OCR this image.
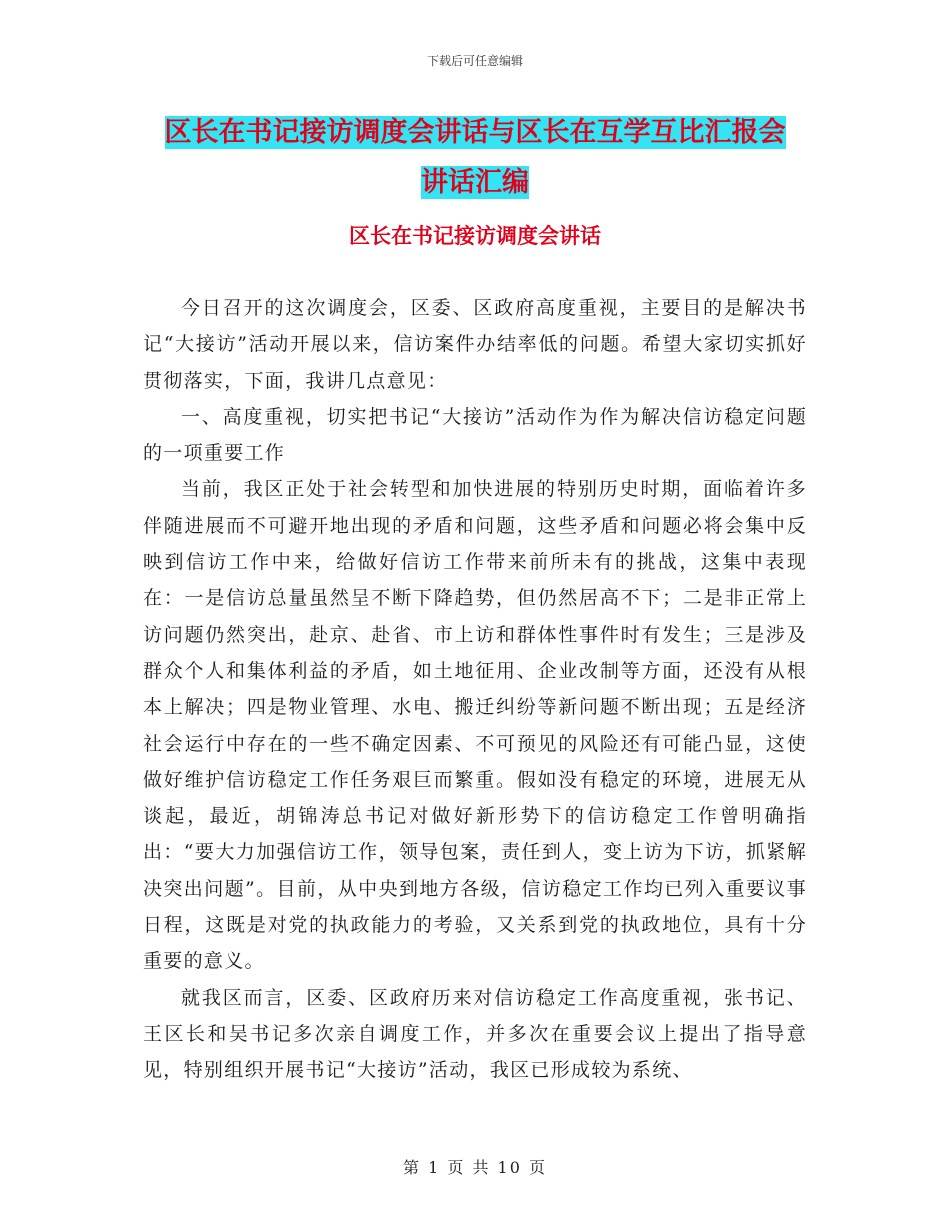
下载后可任意编辑
区长在书记接访调度会讲话与区长在互学互比汇报会
讲话汇编
区长在书记接访调度会讲话

今日召开的这次调度会，区委、区政府高度重视，主要目的是解决书记“大接访”活动开展以来，信访案件办结率低的问题。希望大家切实抓好贯彻落实，下面，我讲几点意见：

一、高度重视，切实把书记“大接访”活动作为作为解决信访稳定问题的一项重要工作

当前，我区正处于社会转型和加快进展的特别历史时期，面临着许多伴随进展而不可避开地出现的矛盾和问题，这些矛盾和问题必将会集中反映到信访工作中来，给做好信访工作带来前所未有的挑战，这集中表现在：一是信访总量虽然呈不断下降趋势，但仍然居高不下；二是非正常上访问题仍然突出，赴京、赴省、市上访和群体性事件时有发生；三是涉及群众个人和集体利益的矛盾，如土地征用、企业改制等方面，还没有从根本上解决；四是物业管理、水电、搬迁纠纷等新问题不断出现；五是经济社会运行中存在的一些不确定因素、不可预见的风险还有可能凸显，这使做好维护信访稳定工作任务艰巨而繁重。假如没有稳定的环境，进展无从谈起，最近，胡锦涛总书记对做好新形势下的信访稳定工作曾明确指出：“要大力加强信访工作，领导包案，责任到人，变上访为下访，抓紧解决突出问题”。目前，从中央到地方各级，信访稳定工作均已列入重要议事日程，这既是对党的执政能力的考验，又关系到党的执政地位，具有十分重要的意义。

就我区而言，区委、区政府历来对信访稳定工作高度重视，张书记、王区长和吴书记多次亲自调度工作，并多次在重要会议上提出了指导意见，特别组织开展书记“大接访”活动，我区已形成较为系统、

第 1 页 共 10 页
